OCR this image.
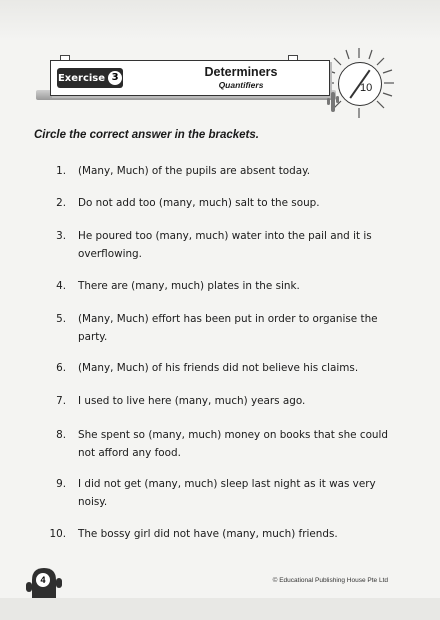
Exercise 3	Determiners
Quantifiers	10
Circle the correct answer in the brackets.
1. (Many, Much) of the pupils are absent today.
2. Do not add too (many, much) salt to the soup.
3. He poured too (many, much) water into the pail and it is overflowing.
4. There are (many, much) plates in the sink.
5. (Many, Much) effort has been put in order to organise the party.
6. (Many, Much) of his friends did not believe his claims.
7. I used to live here (many, much) years ago.
8. She spent so (many, much) money on books that she could not afford any food.
9. I did not get (many, much) sleep last night as it was very noisy.
10. The bossy girl did not have (many, much) friends.
4	© Educational Publishing House Pte Ltd
